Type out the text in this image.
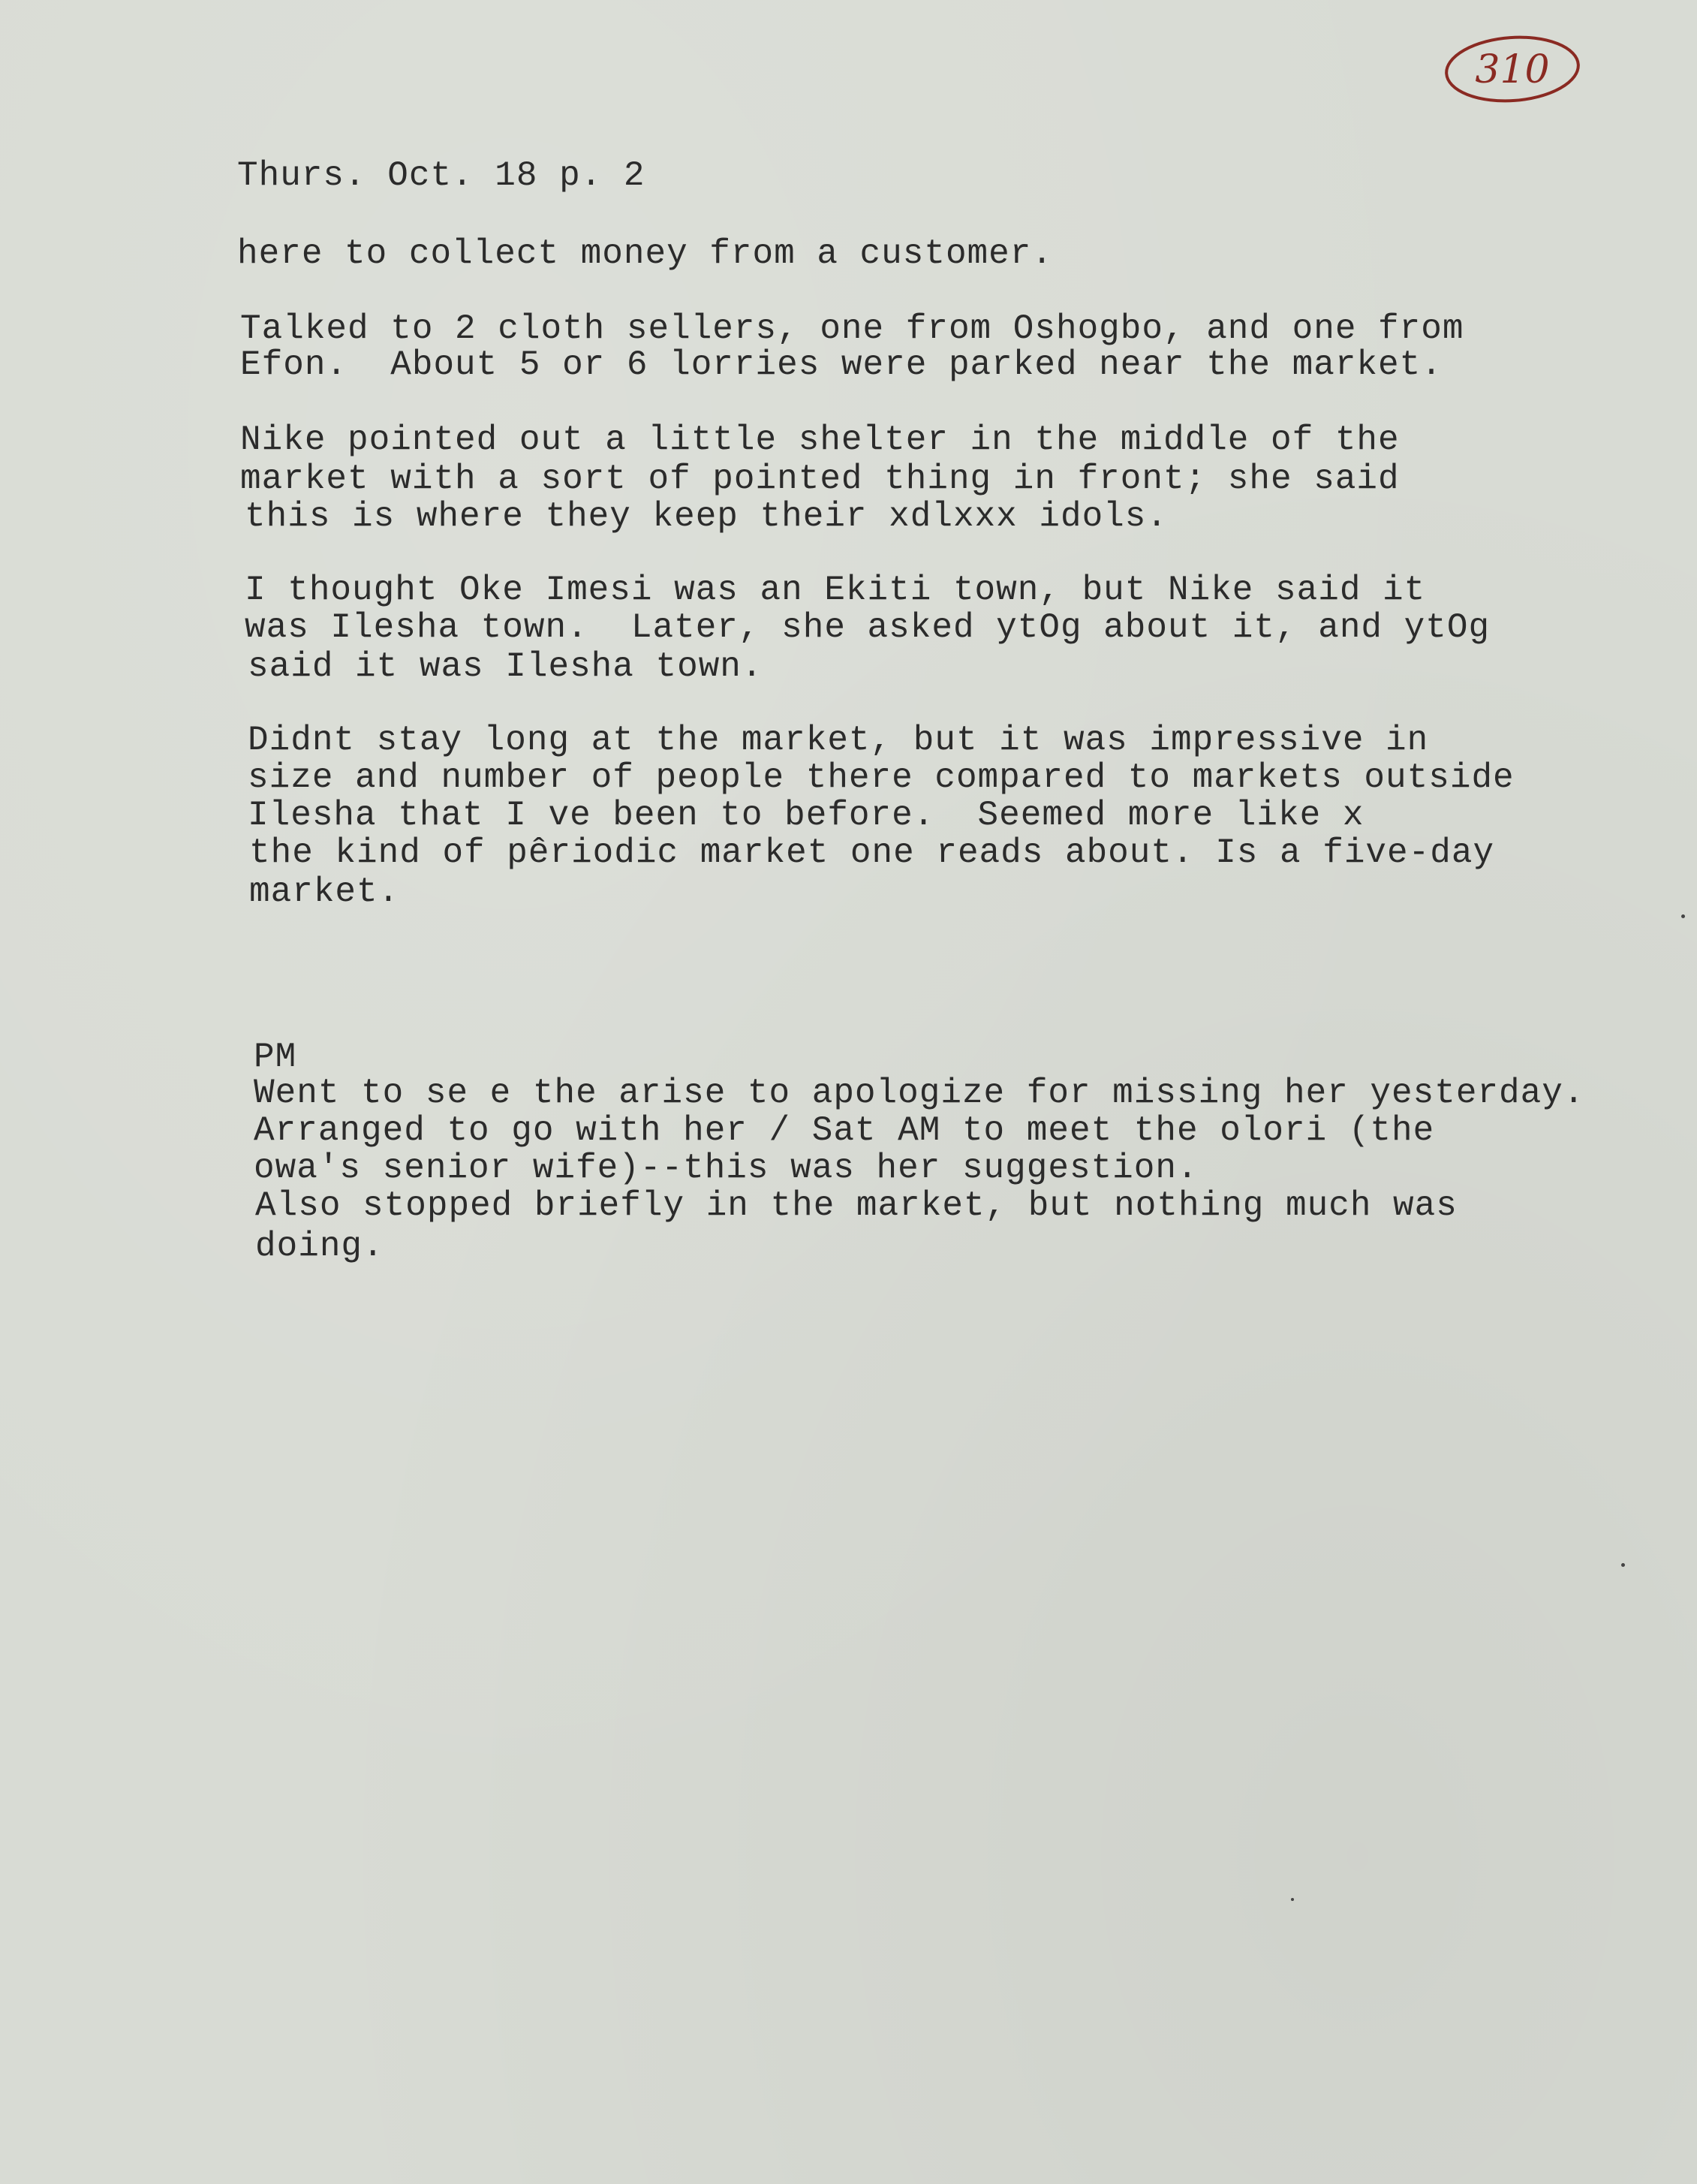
310
Thurs. Oct. 18 p. 2
here to collect money from a customer.
Talked to 2 cloth sellers, one from Oshogbo, and one from
Efon.  About 5 or 6 lorries were parked near the market.
Nike pointed out a little shelter in the middle of the
market with a sort of pointed thing in front; she said
this is where they keep their xdlxxx idols.
I thought Oke Imesi was an Ekiti town, but Nike said it
was Ilesha town.  Later, she asked ytOg about it, and ytOg
said it was Ilesha town.
Didnt stay long at the market, but it was impressive in
size and number of people there compared to markets outside
Ilesha that I ve been to before.  Seemed more like x
the kind of pêriodic market one reads about. Is a five-day
market.
PM
Went to se e the arise to apologize for missing her yesterday.
Arranged to go with her / Sat AM to meet the olori (the
owa's senior wife)--this was her suggestion.
Also stopped briefly in the market, but nothing much was
doing.
